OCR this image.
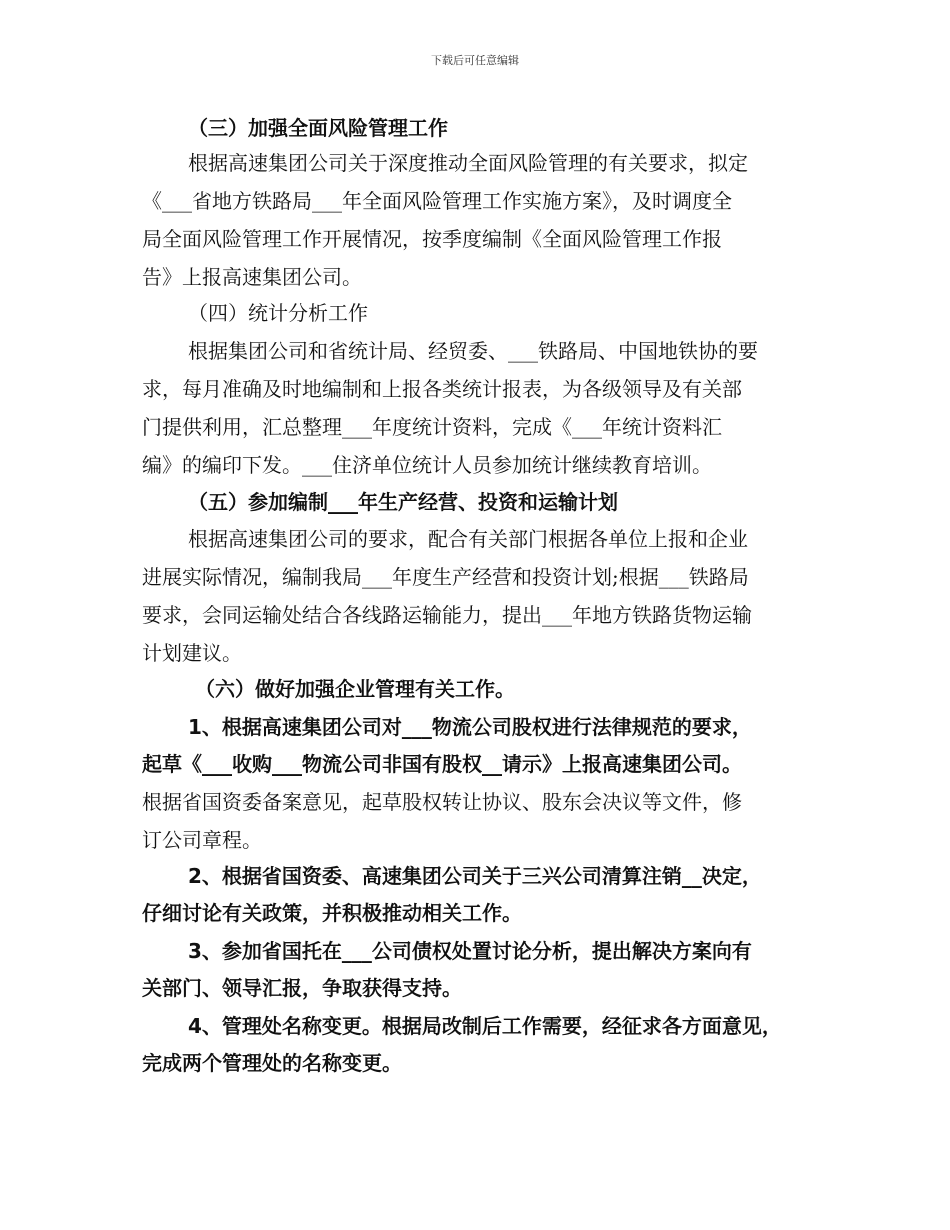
下载后可任意编辑
（三）加强全面风险管理工作
根据高速集团公司关于深度推动全面风险管理的有关要求，拟定
《___省地方铁路局___年全面风险管理工作实施方案》，及时调度全
局全面风险管理工作开展情况，按季度编制《全面风险管理工作报
告》上报高速集团公司。
（四）统计分析工作
根据集团公司和省统计局、经贸委、___铁路局、中国地铁协的要
求，每月准确及时地编制和上报各类统计报表，为各级领导及有关部
门提供利用，汇总整理___年度统计资料，完成《___年统计资料汇
编》的编印下发。___住济单位统计人员参加统计继续教育培训。
（五）参加编制___年生产经营、投资和运输计划
根据高速集团公司的要求，配合有关部门根据各单位上报和企业
进展实际情况，编制我局___年度生产经营和投资计划;根据___铁路局
要求，会同运输处结合各线路运输能力，提出___年地方铁路货物运输
计划建议。
（六）做好加强企业管理有关工作。
1、根据高速集团公司对___物流公司股权进行法律规范的要求，
起草《___收购___物流公司非国有股权__请示》上报高速集团公司。
根据省国资委备案意见，起草股权转让协议、股东会决议等文件，修
订公司章程。
2、根据省国资委、高速集团公司关于三兴公司清算注销__决定，
仔细讨论有关政策，并积极推动相关工作。
3、参加省国托在___公司债权处置讨论分析，提出解决方案向有
关部门、领导汇报，争取获得支持。
4、管理处名称变更。根据局改制后工作需要，经征求各方面意见，
完成两个管理处的名称变更。
